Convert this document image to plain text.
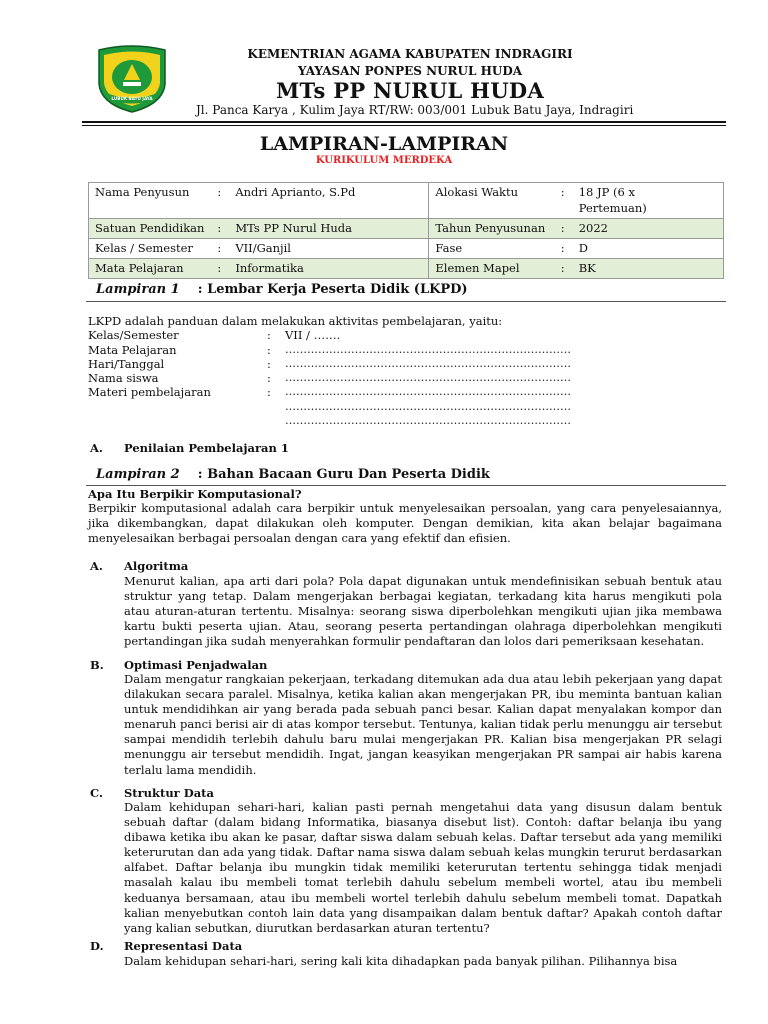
LUBUK BATU JAYA
KEMENTRIAN AGAMA KABUPATEN INDRAGIRI
YAYASAN PONPES NURUL HUDA
MTs PP NURUL HUDA
Jl. Panca Karya , Kulim Jaya RT/RW: 003/001 Lubuk Batu Jaya, Indragiri
LAMPIRAN-LAMPIRAN
KURIKULUM MERDEKA
Nama Penyusun	:	Andri Aprianto, S.Pd	Alokasi Waktu	:	18 JP (6 x
Pertemuan)
Satuan Pendidikan	:	MTs PP Nurul Huda	Tahun Penyusunan	:	2022
Kelas / Semester	:	VII/Ganjil	Fase	:	D
Mata Pelajaran	:	Informatika	Elemen Mapel	:	BK
Lampiran 1 : Lembar Kerja Peserta Didik (LKPD)
LKPD adalah panduan dalam melakukan aktivitas pembelajaran, yaitu:
Kelas/Semester	: VII / …….
Mata Pelajaran	: ……………………………………………………………………
Hari/Tanggal	: ……………………………………………………………………
Nama siswa	: ……………………………………………………………………
Materi pembelajaran	: ……………………………………………………………………
……………………………………………………………………
……………………………………………………………………
A. Penilaian Pembelajaran 1
Lampiran 2 : Bahan Bacaan Guru Dan Peserta Didik
Apa Itu Berpikir Komputasional?
Berpikir komputasional adalah cara berpikir untuk menyelesaikan persoalan, yang cara penyelesaiannya, jika dikembangkan, dapat dilakukan oleh komputer. Dengan demikian, kita akan belajar bagaimana menyelesaikan berbagai persoalan dengan cara yang efektif dan efisien.
A. Algoritma
Menurut kalian, apa arti dari pola? Pola dapat digunakan untuk mendefinisikan sebuah bentuk atau struktur yang tetap. Dalam mengerjakan berbagai kegiatan, terkadang kita harus mengikuti pola atau aturan-aturan tertentu. Misalnya: seorang siswa diperbolehkan mengikuti ujian jika membawa kartu bukti peserta ujian. Atau, seorang peserta pertandingan olahraga diperbolehkan mengikuti pertandingan jika sudah menyerahkan formulir pendaftaran dan lolos dari pemeriksaan kesehatan.
B. Optimasi Penjadwalan
Dalam mengatur rangkaian pekerjaan, terkadang ditemukan ada dua atau lebih pekerjaan yang dapat dilakukan secara paralel. Misalnya, ketika kalian akan mengerjakan PR, ibu meminta bantuan kalian untuk mendidihkan air yang berada pada sebuah panci besar. Kalian dapat menyalakan kompor dan menaruh panci berisi air di atas kompor tersebut. Tentunya, kalian tidak perlu menunggu air tersebut sampai mendidih terlebih dahulu baru mulai mengerjakan PR. Kalian bisa mengerjakan PR selagi menunggu air tersebut mendidih. Ingat, jangan keasyikan mengerjakan PR sampai air habis karena terlalu lama mendidih.
C. Struktur Data
Dalam kehidupan sehari-hari, kalian pasti pernah mengetahui data yang disusun dalam bentuk sebuah daftar (dalam bidang Informatika, biasanya disebut list). Contoh: daftar belanja ibu yang dibawa ketika ibu akan ke pasar, daftar siswa dalam sebuah kelas. Daftar tersebut ada yang memiliki keterurutan dan ada yang tidak. Daftar nama siswa dalam sebuah kelas mungkin terurut berdasarkan alfabet. Daftar belanja ibu mungkin tidak memiliki keterurutan tertentu sehingga tidak menjadi masalah kalau ibu membeli tomat terlebih dahulu sebelum membeli wortel, atau ibu membeli keduanya bersamaan, atau ibu membeli wortel terlebih dahulu sebelum membeli tomat. Dapatkah kalian menyebutkan contoh lain data yang disampaikan dalam bentuk daftar? Apakah contoh daftar yang kalian sebutkan, diurutkan berdasarkan aturan tertentu?
D. Representasi Data
Dalam kehidupan sehari-hari, sering kali kita dihadapkan pada banyak pilihan. Pilihannya bisa
